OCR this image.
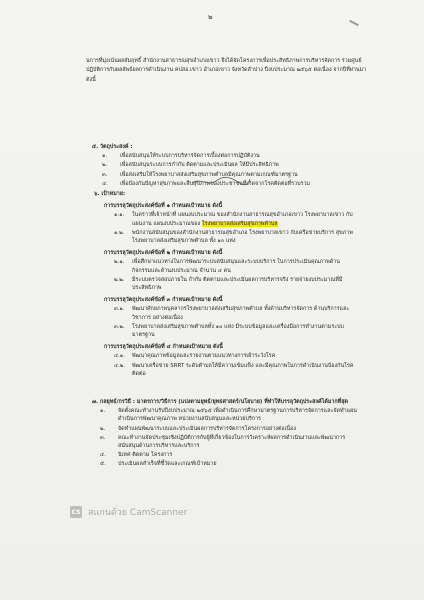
๒
นการที่มุ่งเน้นผลสัมฤทธิ์ สำนักงานสาธารณสุขอำเภอเขาว จึงได้จัดโครงการเพื่อประสิทธิภาพการบริหารจัดการ ร่วมศูนย์ปฏิบัติการกับผลลัพธ์ผลการดำเนินงาน คปสอ.เขาว อำเภอเขาว จังหวัดลำปาง ปีงบประมาณ ๒๕๖๕ ต่อเนื่อง จากปีที่ผ่านมา ดังนี้
๕. วัตถุประสงค์ :
๑.	เพื่อสนับสนุนให้ระบบการบริหารจัดการเบื้องต่อการปฏิบัติงาน
๒.	เพื่อสนับสนุนระบบการกำกับ ติดตามและประเมินผล ให้มีประสิทธิภาพ
๓.	เพื่อส่งเสริมให้โรงพยาบาลส่งเสริมสุขภาพตำบลมีคุณภาพตามเกณฑ์มาตรฐาน
๔.	เพื่อป้องกันปัญหาสุขภาพและสืบสุขภาพของประชาชนที่เกิดจากโรคติดต่อที่รวบรวม
๖. เป้าหมาย:
การบรรลุวัตถุประสงค์ข้อที่ ๑ กำหนดเป้าหมาย ดังนี้
๑.๑.	ในคราวที่เจ้าหน้าที่ แผนงบประมาณ ของสำนักงานสาธารณสุขอำเภอเขาว โรงพยาบาลเขาว กับแผนงาน แผนงบประมาณของ โรงพยาบาลส่งเสริมสุขภาพตำบล
๑.๒.	พนักงานสนับสนุนของสำนักงานสาธารณสุขอำเภอ โรงพยาบาลเขาว กับเครือข่ายบริการ สุขภาพ โรงพยาบาลส่งเสริมสุขภาพตำบล ทั้ง ๑๐ แห่ง
การบรรลุวัตถุประสงค์ข้อที่ ๒ กำหนดเป้าหมาย ดังนี้
๒.๑.	เพื่อศึกษาแนวทางในการพัฒนาระบบสนับสนุนและระบบบริการ ในการประเมินคุณภาพด้านกิจกรรมและด้านงบประมาณ จำนวน ๔ คน
๒.๒.	มีระบบตรวจสอบภายใน กำกับ ติดตามและประเมินผลการบริหารจริง รายจ่ายงบประมาณที่มีประสิทธิภาพ
การบรรลุวัตถุประสงค์ข้อที่ ๓ กำหนดเป้าหมาย ดังนี้
๓.๑.	พัฒนาศักยภาพบุคลากรโรงพยาบาลส่งเสริมสุขภาพตำบล ทั้งด้านบริหารจัดการ ด้านบริการและวิชาการ อย่างต่อเนื่อง
๓.๒.	โรงพยาบาลส่งเสริมสุขภาพตำบลทั้ง ๑๐ แห่ง มีระบบข้อมูลและเครื่องมือการทำงานตามระบบมาตรฐาน
การบรรลุวัตถุประสงค์ข้อที่ ๔ กำหนดเป้าหมาย ดังนี้
๔.๑.	พัฒนาคุณภาพข้อมูลและรายงานตามแนวทางการเฝ้าระวังโรค
๔.๒.	พัฒนาเครือข่าย SRRT ระดับตำบลให้มีความเข้มแข็ง และมีคุณภาพในการดำเนินงานป้องกันโรคติดต่อ
๗. กลยุทธ์/กรวิธี : มาตรการ/วิธีการ (แบ่งตามยุทธ์/ยุทธศาสตร์/นโยบาย) ที่ทำให้บรรลุวัตถุประสงค์ได้มากที่สุด
๑.	จัดตั้งคณะทำงานรับปีงบประมาณ ๒๕๖๕ เพื่อดำเนินการศึกษามาตรฐานการบริหารจัดการและจัดทำแผนดำเนินการพัฒนาคุณภาพ หน่วยงานสนับสนุนและหน่วยบริการ
๒.	จัดทำแผนพัฒนาระบบและประเมินผลการบริหารจัดการโครงการอย่างต่อเนื่อง
๓.	คณะทำงานจัดประชุมเชิงปฏิบัติการกับผู้ที่เกี่ยวข้องในการวิเคราะห์ผลการดำเนินงานและพัฒนาการสนับสนุนด้านการบริหารและบริการ
๔.	นิเทศ ติดตาม โครงการ
๕.	ประเมินผลสำเร็จที่ชี้วัดและเกณฑ์เป้าหมาย
CS สแกนด้วย CamScanner
